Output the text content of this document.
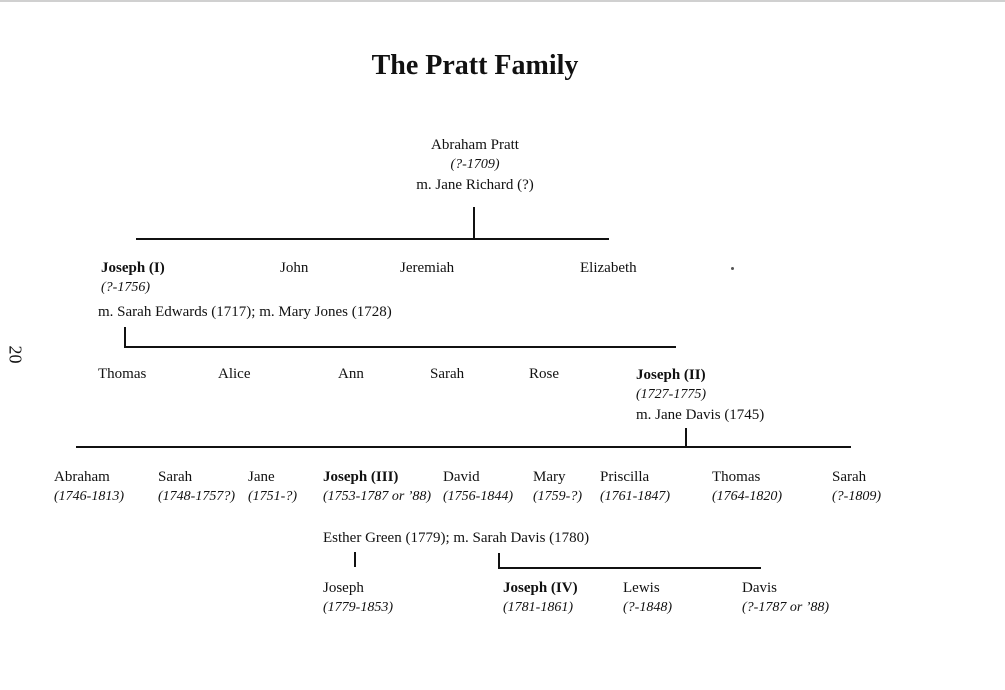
The Pratt Family
20
Abraham Pratt
(?-1709)
m. Jane Richard (?)
Joseph (I)
(?-1756)
John	Jeremiah	Elizabeth
m. Sarah Edwards (1717); m. Mary Jones (1728)
Thomas	Alice	Ann	Sarah	Rose	Joseph (II)
(1727-1775)
m. Jane Davis (1745)
Abraham
(1746-1813)
Sarah
(1748-1757?)
Jane
(1751-?)
Joseph (III)
(1753-1787 or ’88)
David
(1756-1844)
Mary
(1759-?)
Priscilla
(1761-1847)
Thomas
(1764-1820)
Sarah
(?-1809)
Esther Green (1779); m. Sarah Davis (1780)
Joseph
(1779-1853)
Joseph (IV)
(1781-1861)
Lewis
(?-1848)
Davis
(?-1787 or ’88)
